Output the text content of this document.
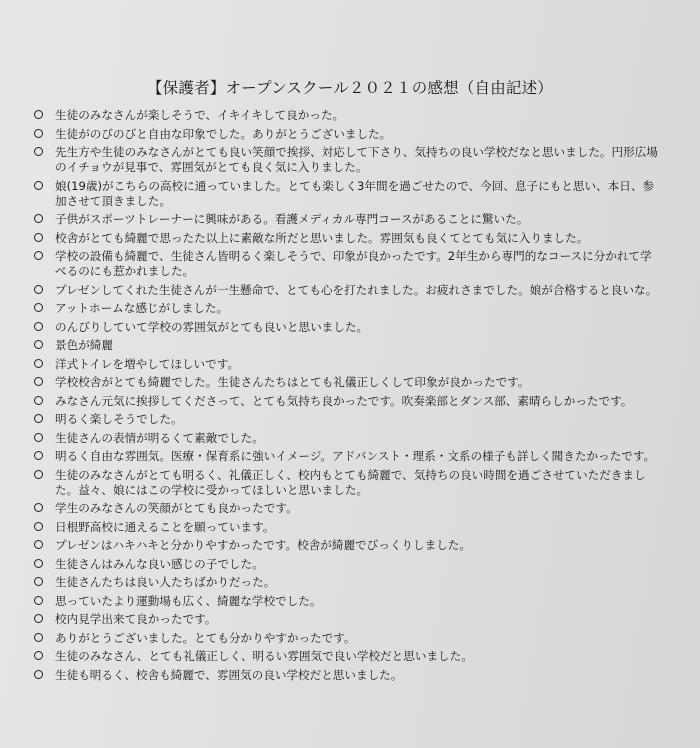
【保護者】オープンスクール２０２１の感想（自由記述）
生徒のみなさんが楽しそうで、イキイキして良かった。
生徒がのびのびと自由な印象でした。ありがとうございました。
先生方や生徒のみなさんがとても良い笑顔で挨拶、対応して下さり、気持ちの良い学校だなと思いました。円形広場のイチョウが見事で、雰囲気がとても良く気に入りました。
娘(19歳)がこちらの高校に通っていました。とても楽しく3年間を過ごせたので、今回、息子にもと思い、本日、参加させて頂きました。
子供がスポーツトレーナーに興味がある。看護メディカル専門コースがあることに驚いた。
校舎がとても綺麗で思ったた以上に素敵な所だと思いました。雰囲気も良くてとても気に入りました。
学校の設備も綺麗で、生徒さん皆明るく楽しそうで、印象が良かったです。2年生から専門的なコースに分かれて学べるのにも惹かれました。
プレゼンしてくれた生徒さんが一生懸命で、とても心を打たれました。お疲れさまでした。娘が合格すると良いな。
アットホームな感じがしました。
のんびりしていて学校の雰囲気がとても良いと思いました。
景色が綺麗
洋式トイレを増やしてほしいです。
学校校舎がとても綺麗でした。生徒さんたちはとても礼儀正しくして印象が良かったです。
みなさん元気に挨拶してくださって、とても気持ち良かったです。吹奏楽部とダンス部、素晴らしかったです。
明るく楽しそうでした。
生徒さんの表情が明るくて素敵でした。
明るく自由な雰囲気。医療・保育系に強いイメージ。アドバンスト・理系・文系の様子も詳しく聞きたかったです。
生徒のみなさんがとても明るく、礼儀正しく、校内もとても綺麗で、気持ちの良い時間を過ごさせていただきました。益々、娘にはこの学校に受かってほしいと思いました。
学生のみなさんの笑顔がとても良かったです。
日根野高校に通えることを願っています。
プレゼンはハキハキと分かりやすかったです。校舎が綺麗でびっくりしました。
生徒さんはみんな良い感じの子でした。
生徒さんたちは良い人たちばかりだった。
思っていたより運動場も広く、綺麗な学校でした。
校内見学出来て良かったです。
ありがとうございました。とても分かりやすかったです。
生徒のみなさん、とても礼儀正しく、明るい雰囲気で良い学校だと思いました。
生徒も明るく、校舎も綺麗で、雰囲気の良い学校だと思いました。
